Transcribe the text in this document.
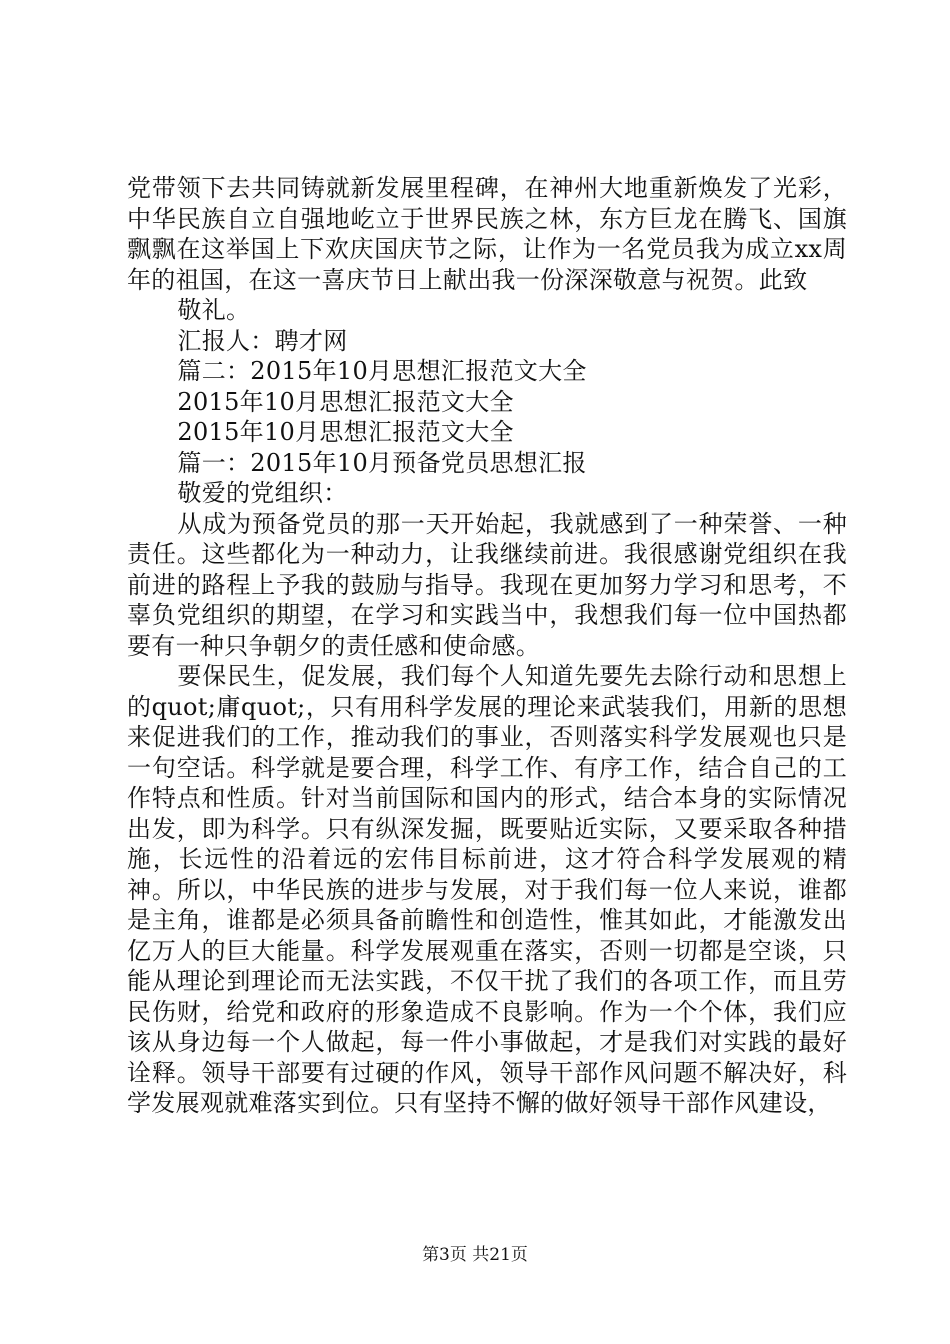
党带领下去共同铸就新发展里程碑，在神州大地重新焕发了光彩，中华民族自立自强地屹立于世界民族之林，东方巨龙在腾飞、国旗飘飘在这举国上下欢庆国庆节之际，让作为一名党员我为成立xx周年的祖国，在这一喜庆节日上献出我一份深深敬意与祝贺。此致

敬礼。

汇报人：聘才网

篇二：2015年10月思想汇报范文大全

2015年10月思想汇报范文大全

2015年10月思想汇报范文大全

篇一：2015年10月预备党员思想汇报

敬爱的党组织：

从成为预备党员的那一天开始起，我就感到了一种荣誉、一种责任。这些都化为一种动力，让我继续前进。我很感谢党组织在我前进的路程上予我的鼓励与指导。我现在更加努力学习和思考，不辜负党组织的期望，在学习和实践当中，我想我们每一位中国热都要有一种只争朝夕的责任感和使命感。

要保民生，促发展，我们每个人知道先要先去除行动和思想上的quot;庸quot;，只有用科学发展的理论来武装我们，用新的思想来促进我们的工作，推动我们的事业，否则落实科学发展观也只是一句空话。科学就是要合理，科学工作、有序工作，结合自己的工作特点和性质。针对当前国际和国内的形式，结合本身的实际情况出发，即为科学。只有纵深发掘，既要贴近实际，又要采取各种措施，长远性的沿着远的宏伟目标前进，这才符合科学发展观的精神。所以，中华民族的进步与发展，对于我们每一位人来说，谁都是主角，谁都是必须具备前瞻性和创造性，惟其如此，才能激发出亿万人的巨大能量。科学发展观重在落实，否则一切都是空谈，只能从理论到理论而无法实践，不仅干扰了我们的各项工作，而且劳民伤财，给党和政府的形象造成不良影响。作为一个个体，我们应该从身边每一个人做起，每一件小事做起，才是我们对实践的最好诠释。领导干部要有过硬的作风，领导干部作风问题不解决好，科学发展观就难落实到位。只有坚持不懈的做好领导干部作风建设，

第3页 共21页
